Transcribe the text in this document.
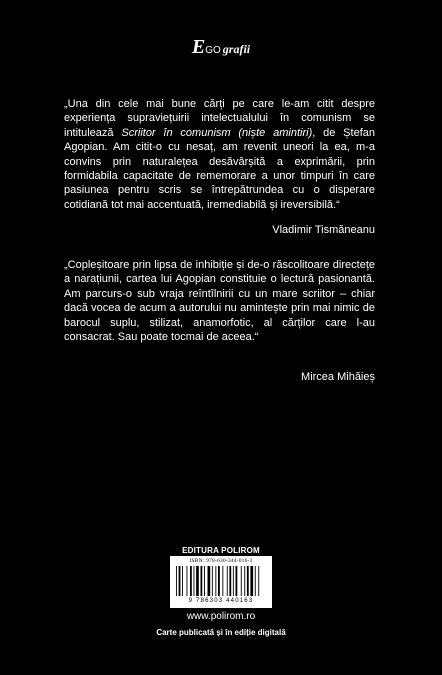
EGO grafii
„Una din cele mai bune cărți pe care le-am citit despre experiența supraviețuirii intelectualului în comunism se intitulează Scriitor în comunism (niște amintiri), de Ștefan Agopian. Am citit-o cu nesaț, am revenit uneori la ea, m-a convins prin naturalețea desăvârșită a exprimării, prin formidabila capacitate de rememorare a unor timpuri în care pasiunea pentru scris se întrepătrundea cu o disperare cotidiană tot mai accentuată, iremediabilă și ireversibilă.“
Vladimir Tismăneanu
„Copleșitoare prin lipsa de inhibiție și de-o răscolitoare directețe a narațiunii, cartea lui Agopian constituie o lectură pasionantă. Am parcurs-o sub vraja reîntîlnirii cu un mare scriitor – chiar dacă vocea de acum a autorului nu amintește prin mai nimic de barocul suplu, stilizat, anamorfotic, al cărților care l-au consacrat. Sau poate tocmai de aceea.“
Mircea Mihăieș
EDITURA POLIROM
ISBN: 978-630-344-016-3
9 786303 440163
www.polirom.ro
Carte publicată și în ediție digitală
